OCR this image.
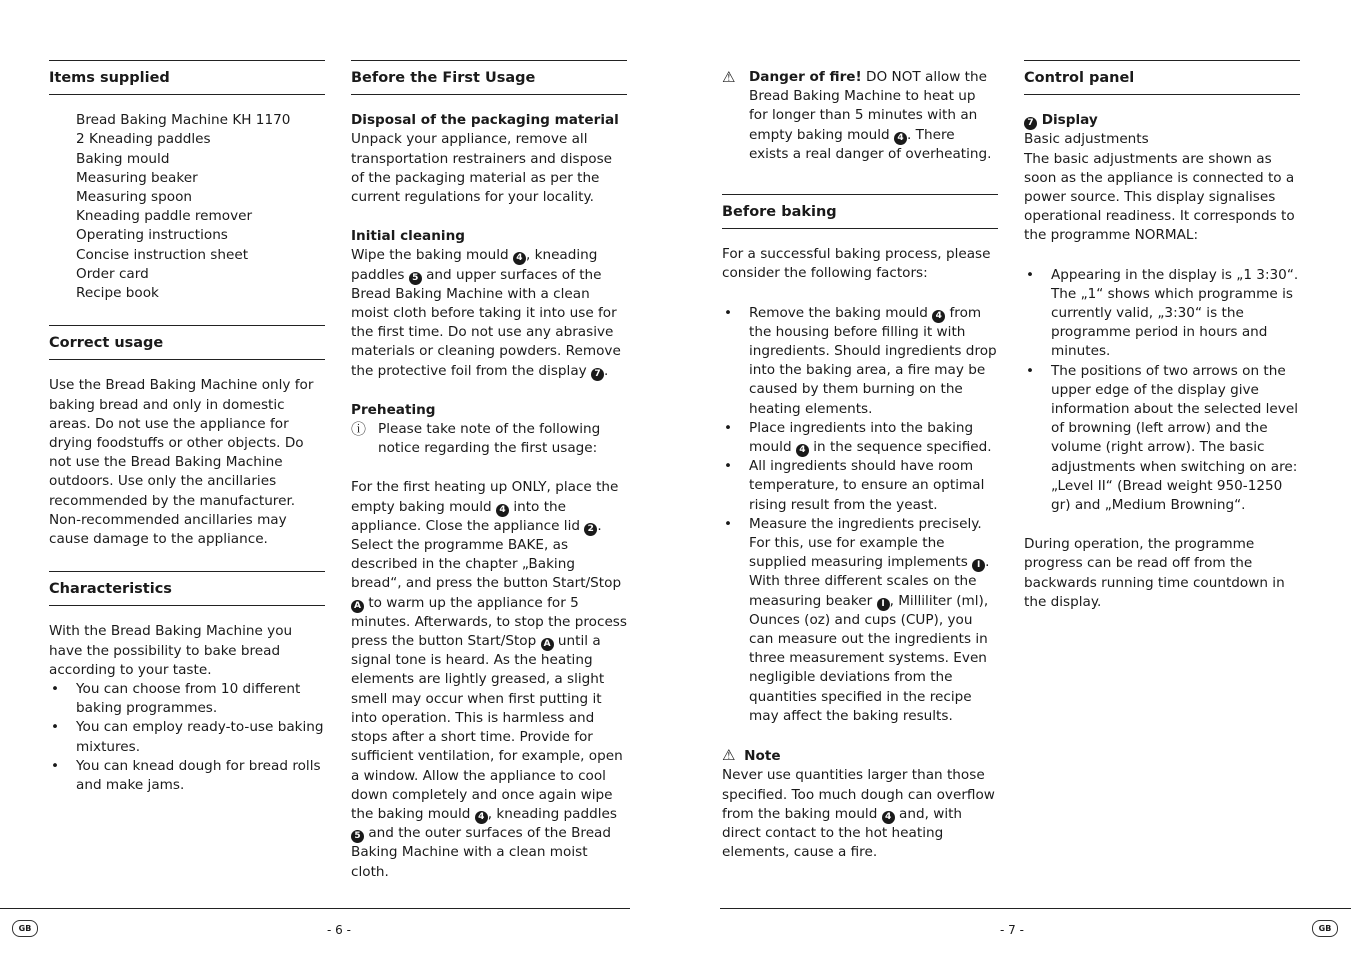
Items supplied
Bread Baking Machine KH 1170
2 Kneading paddles
Baking mould
Measuring beaker
Measuring spoon
Kneading paddle remover
Operating instructions
Concise instruction sheet
Order card
Recipe book
Correct usage

Use the Bread Baking Machine only for baking bread and only in domestic areas. Do not use the appliance for drying foodstuffs or other objects. Do not use the Bread Baking Machine outdoors. Use only the ancillaries recommended by the manufacturer. Non-recommended ancillaries may cause damage to the appliance.

Characteristics

With the Bread Baking Machine you have the possibility to bake bread according to your taste.

• You can choose from 10 different baking programmes.
• You can employ ready-to-use baking mixtures.
• You can knead dough for bread rolls and make jams.
Before the First Usage

Disposal of the packaging material

Unpack your appliance, remove all transportation restrainers and dispose of the packaging material as per the current regulations for your locality.

Initial cleaning

Wipe the baking mould 4 , kneading paddles 5 and upper surfaces of the Bread Baking Machine with a clean moist cloth before taking it into use for the first time. Do not use any abrasive materials or cleaning powders. Remove the protective foil from the display 7 .

Preheating

ⓘ Please take note of the following notice regarding the first usage:

For the first heating up ONLY, place the empty baking mould 4 into the appliance. Close the appliance lid 2 . Select the programme BAKE, as described in the chapter „Baking bread“, and press the button Start/Stop A to warm up the appliance for 5 minutes. Afterwards, to stop the process press the button Start/Stop A until a signal tone is heard. As the heating elements are lightly greased, a slight smell may occur when first putting it into operation. This is harmless and stops after a short time. Provide for sufficient ventilation, for example, open a window. Allow the appliance to cool down completely and once again wipe the baking mould 4 , kneading paddles 5 and the outer surfaces of the Bread Baking Machine with a clean moist cloth.

⚠ Danger of fire! DO NOT allow the Bread Baking Machine to heat up for longer than 5 minutes with an empty baking mould 4 . There exists a real danger of overheating.
Before baking

For a successful baking process, please consider the following factors:

• Remove the baking mould 4 from the housing before filling it with ingredients. Should ingredients drop into the baking area, a fire may be caused by them burning on the heating elements.
• Place ingredients into the baking mould 4 in the sequence specified.
• All ingredients should have room temperature, to ensure an optimal rising result from the yeast.
• Measure the ingredients precisely. For this, use for example the supplied measuring implements I . With three different scales on the measuring beaker I , Milliliter (ml), Ounces (oz) and cups (CUP), you can measure out the ingredients in three measurement systems. Even negligible deviations from the quantities specified in the recipe may affect the baking results.

⚠ Note

Never use quantities larger than those specified. Too much dough can overflow from the baking mould 4 and, with direct contact to the hot heating elements, cause a fire.

Control panel

7 Display

Basic adjustments

The basic adjustments are shown as soon as the appliance is connected to a power source. This display signalises operational readiness. It corresponds to the programme NORMAL:

• Appearing in the display is „1 3:30“. The „1“ shows which programme is currently valid, „3:30“ is the programme period in hours and minutes.
• The positions of two arrows on the upper edge of the display give information about the selected level of browning (left arrow) and the volume (right arrow). The basic adjustments when switching on are: „Level II“ (Bread weight 950-1250 gr) and „Medium Browning“.

During operation, the programme progress can be read off from the backwards running time countdown in the display.

GB	GB
- 6 -	- 7 -
